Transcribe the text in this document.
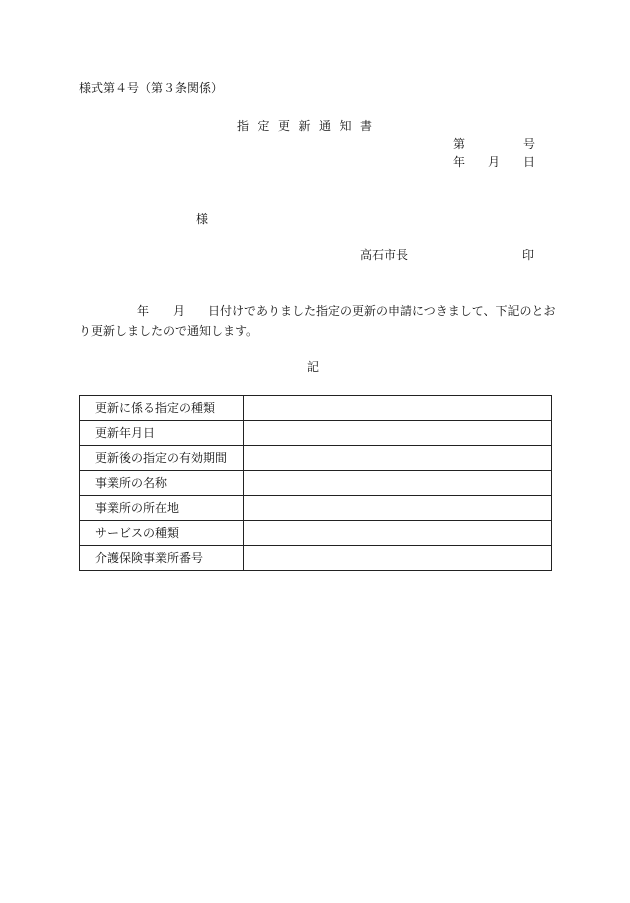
様式第４号（第３条関係）
指定更新通知書
第	号
年 月 日
様
高石市長	印
年 月 日付けでありました指定の更新の申請につきまして、下記のとお
り更新しましたので通知します。
記
更新に係る指定の種類	
更新年月日	
更新後の指定の有効期間	
事業所の名称	
事業所の所在地	
サービスの種類	
介護保険事業所番号	
